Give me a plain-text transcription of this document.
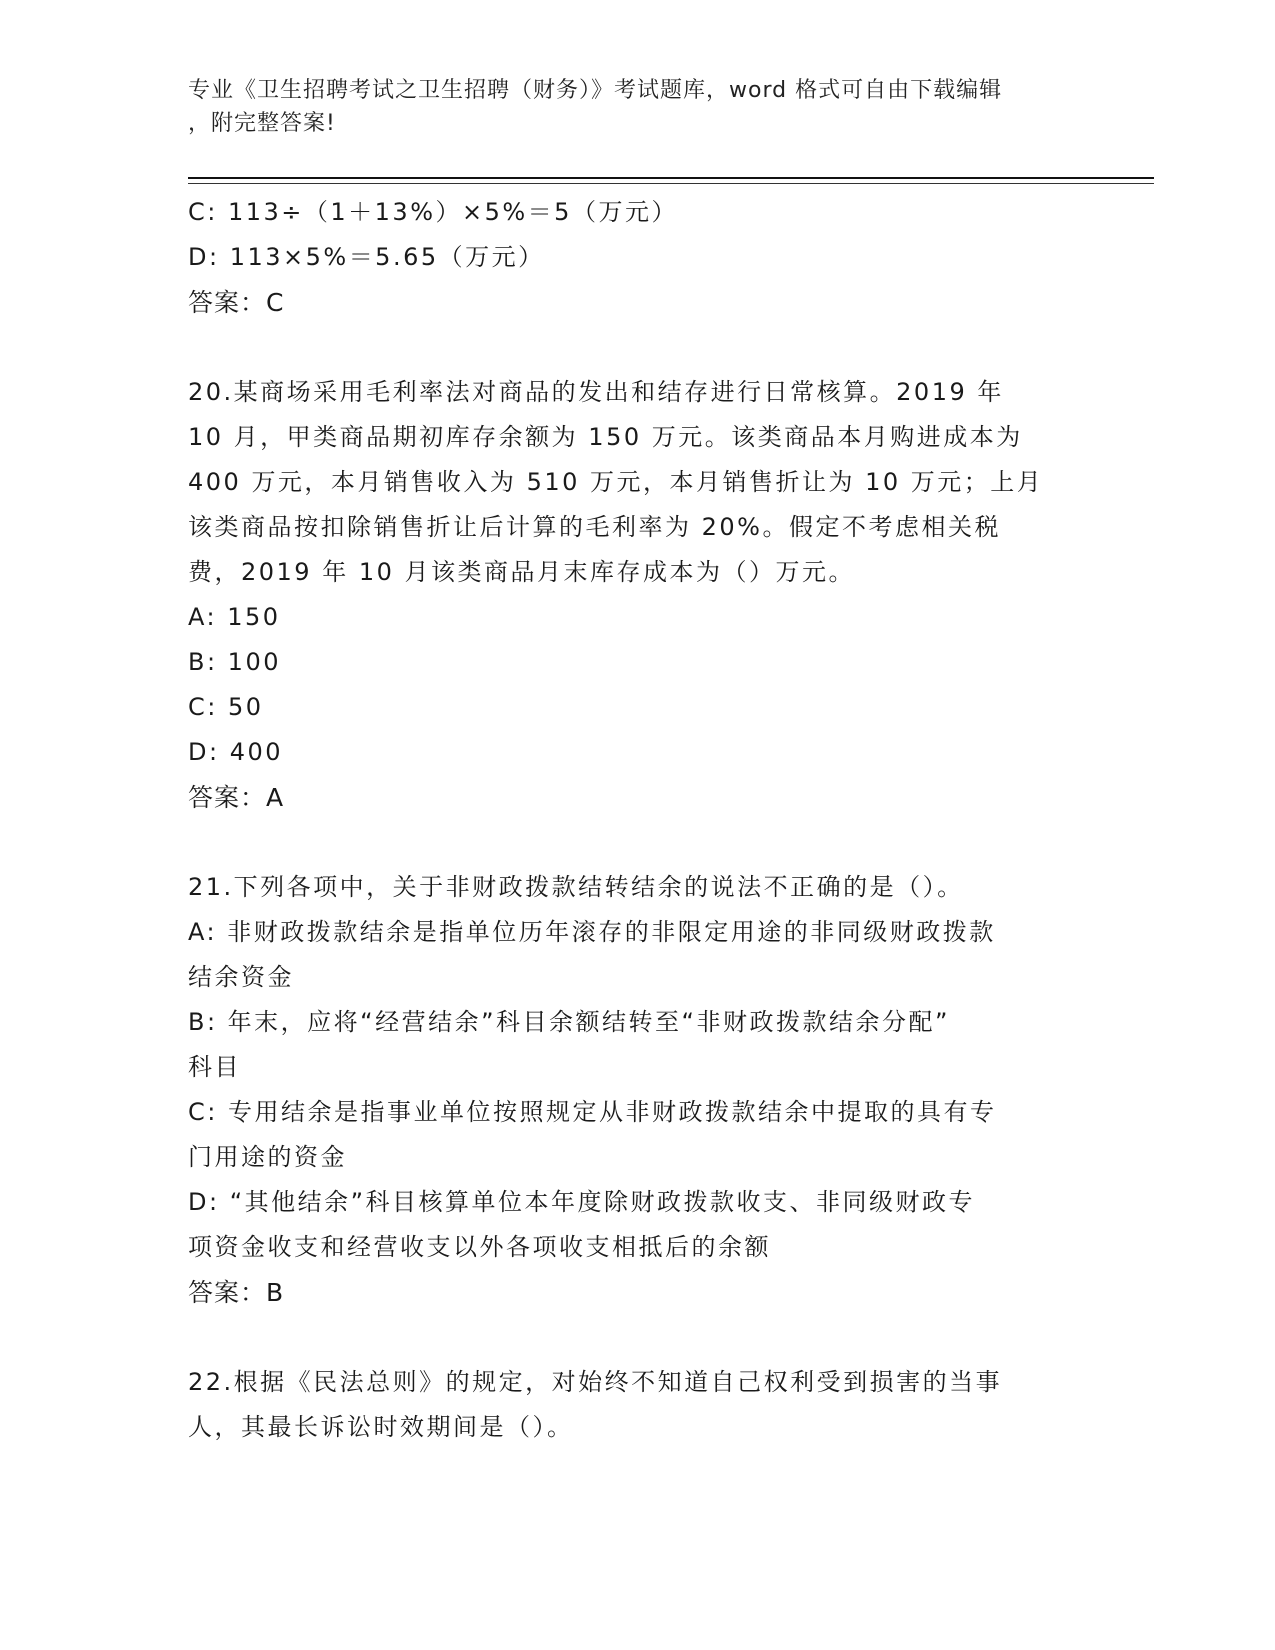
专业《卫生招聘考试之卫生招聘（财务）》考试题库，word 格式可自由下载编辑
，附完整答案!
C: 113÷（1＋13%）×5%＝5（万元）
D: 113×5%＝5.65（万元）
答案：C
20.某商场采用毛利率法对商品的发出和结存进行日常核算。2019 年
10 月，甲类商品期初库存余额为 150 万元。该类商品本月购进成本为
400 万元，本月销售收入为 510 万元，本月销售折让为 10 万元；上月
该类商品按扣除销售折让后计算的毛利率为 20%。假定不考虑相关税
费，2019 年 10 月该类商品月末库存成本为（）万元。
A: 150
B: 100
C: 50
D: 400
答案：A
21.下列各项中，关于非财政拨款结转结余的说法不正确的是（）。
A: 非财政拨款结余是指单位历年滚存的非限定用途的非同级财政拨款
结余资金
B: 年末，应将“经营结余”科目余额结转至“非财政拨款结余分配”
科目
C: 专用结余是指事业单位按照规定从非财政拨款结余中提取的具有专
门用途的资金
D: “其他结余”科目核算单位本年度除财政拨款收支、非同级财政专
项资金收支和经营收支以外各项收支相抵后的余额
答案：B
22.根据《民法总则》的规定，对始终不知道自己权利受到损害的当事
人，其最长诉讼时效期间是（）。
